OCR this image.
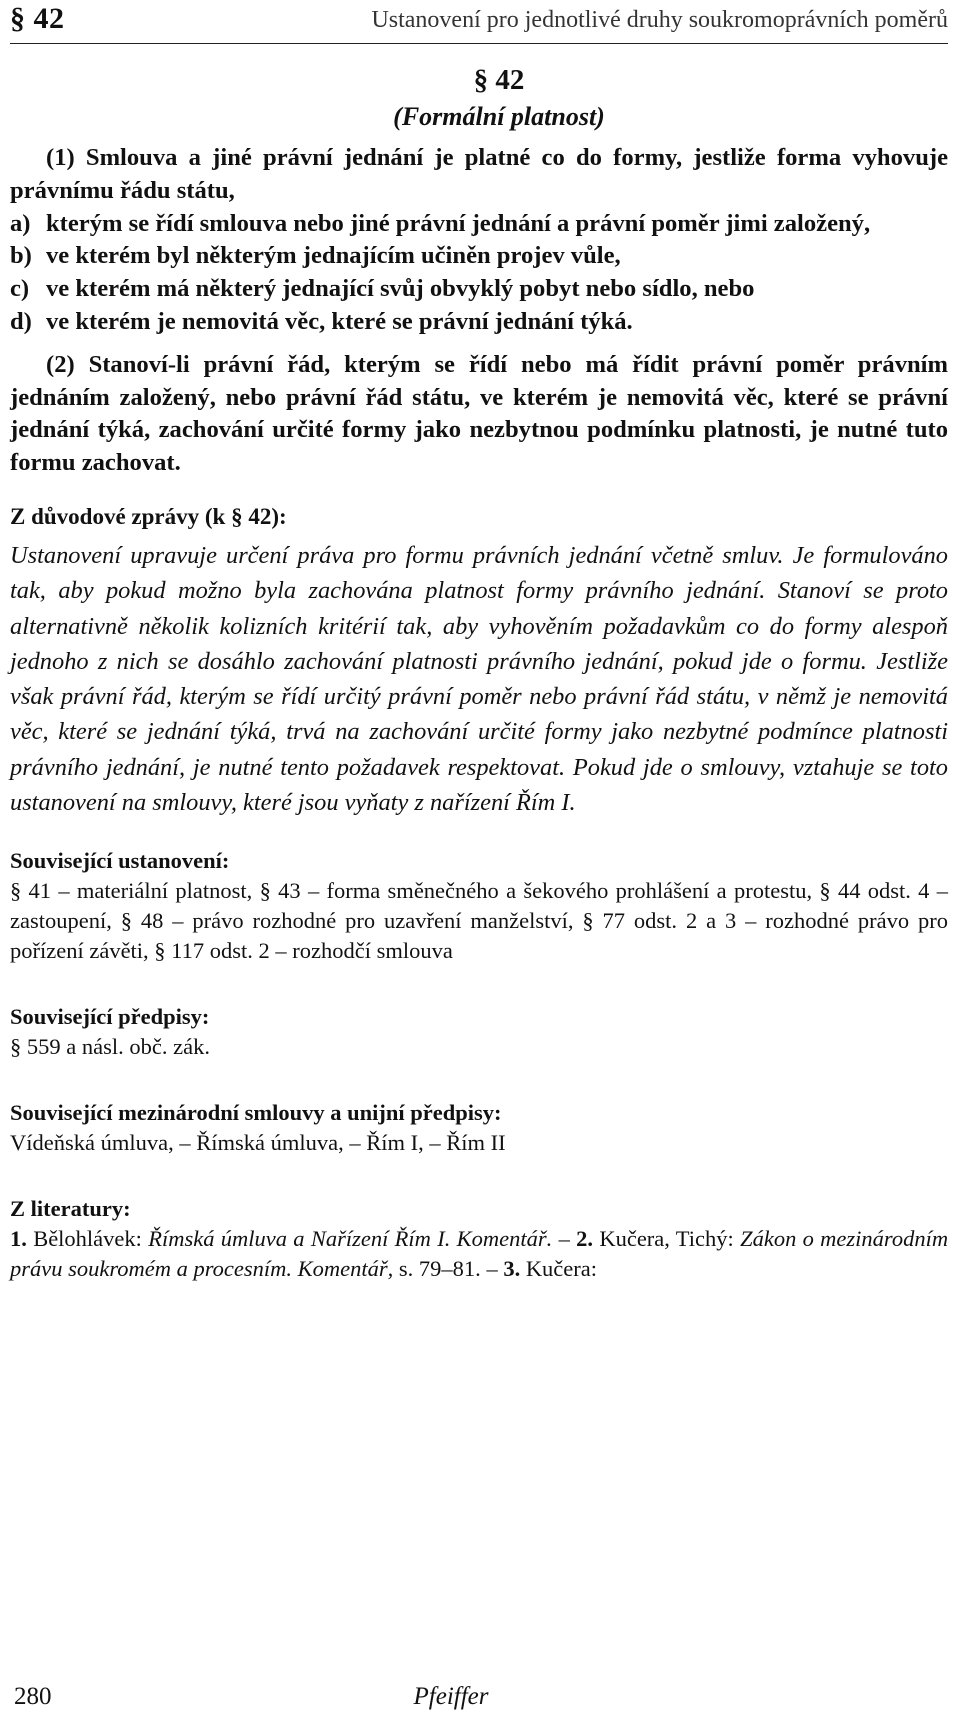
§ 42	Ustanovení pro jednotlivé druhy soukromoprávních poměrů
§ 42
(Formální platnost)

(1) Smlouva a jiné právní jednání je platné co do formy, jestliže forma vyhovuje právnímu řádu státu,

a) kterým se řídí smlouva nebo jiné právní jednání a právní poměr jimi založený,
b) ve kterém byl některým jednajícím učiněn projev vůle,
c) ve kterém má některý jednající svůj obvyklý pobyt nebo sídlo, nebo
d) ve kterém je nemovitá věc, které se právní jednání týká.

(2) Stanoví-li právní řád, kterým se řídí nebo má řídit právní poměr právním jednáním založený, nebo právní řád státu, ve kterém je nemovitá věc, které se právní jednání týká, zachování určité formy jako nezbytnou podmínku platnosti, je nutné tuto formu zachovat.

Z důvodové zprávy (k § 42):

Ustanovení upravuje určení práva pro formu právních jednání včetně smluv. Je formulováno tak, aby pokud možno byla zachována platnost formy právního jednání. Stanoví se proto alternativně několik kolizních kritérií tak, aby vyhověním požadavkům co do formy alespoň jednoho z nich se dosáhlo zachování platnosti právního jednání, pokud jde o formu. Jestliže však právní řád, kterým se řídí určitý právní poměr nebo právní řád státu, v němž je nemovitá věc, které se jednání týká, trvá na zachování určité formy jako nezbytné podmínce platnosti právního jednání, je nutné tento požadavek respektovat. Pokud jde o smlouvy, vztahuje se toto ustanovení na smlouvy, které jsou vyňaty z nařízení Řím I.

Související ustanovení:

§ 41 – materiální platnost, § 43 – forma směnečného a šekového prohlášení a protestu, § 44 odst. 4 – zastoupení, § 48 – právo rozhodné pro uzavření manželství, § 77 odst. 2 a 3 – rozhodné právo pro pořízení závěti, § 117 odst. 2 – rozhodčí smlouva

Související předpisy:

§ 559 a násl. obč. zák.

Související mezinárodní smlouvy a unijní předpisy:

Vídeňská úmluva, – Římská úmluva, – Řím I, – Řím II

Z literatury:

1. Bělohlávek: Římská úmluva a Nařízení Řím I. Komentář. – 2. Kučera, Tichý: Zákon o mezinárodním právu soukromém a procesním. Komentář, s. 79–81. – 3. Kučera:

280	Pfeiffer
